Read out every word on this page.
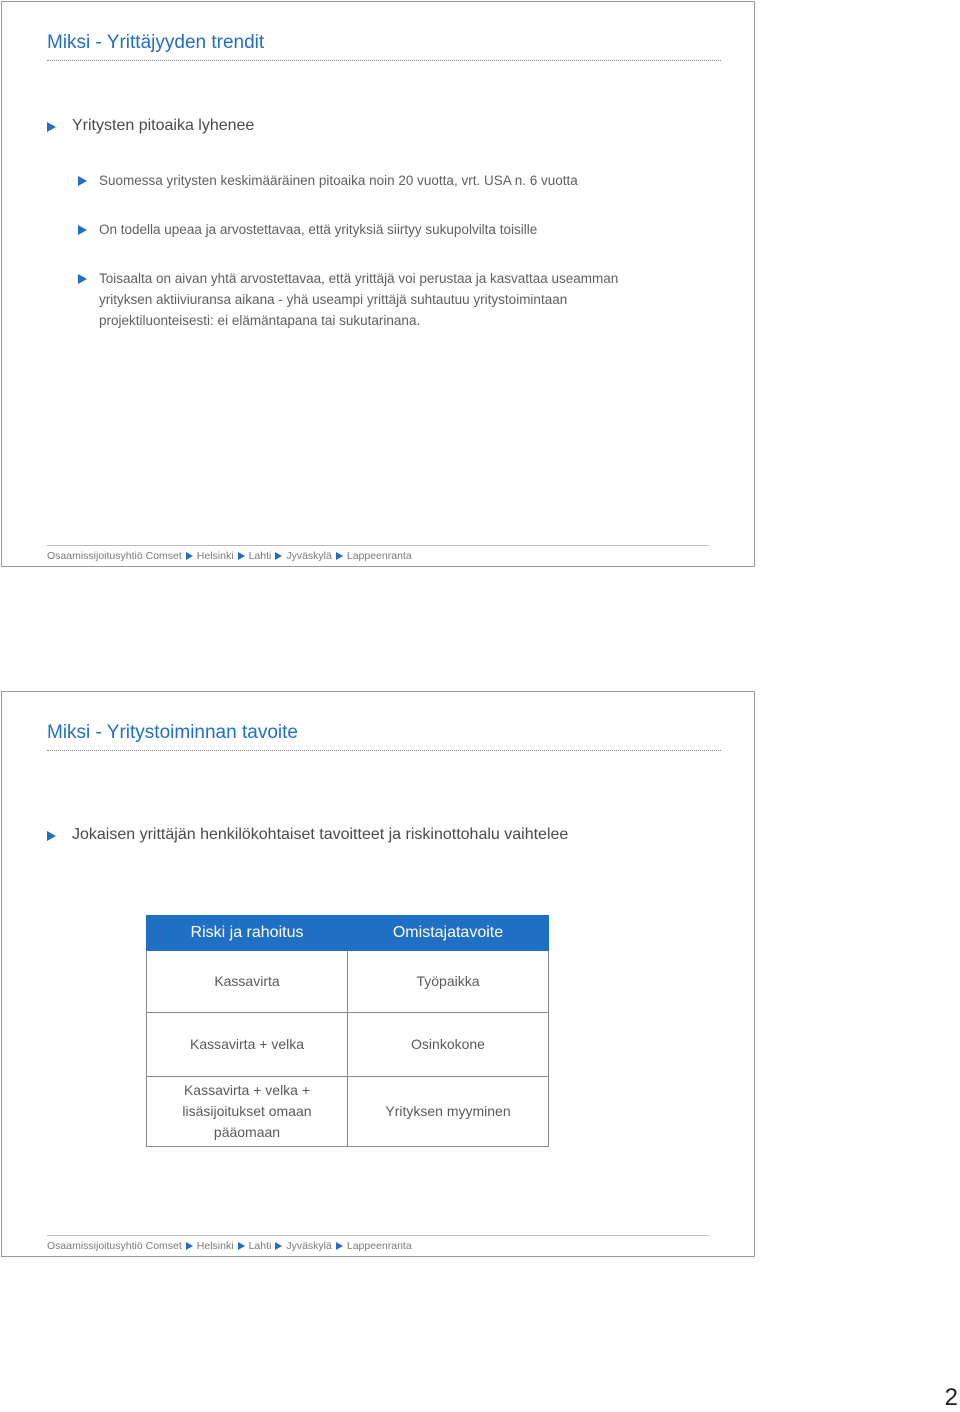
Miksi - Yrittäjyyden trendit
Yritysten pitoaika lyhenee
Suomessa yritysten keskimääräinen pitoaika noin 20 vuotta, vrt. USA n. 6 vuotta
On todella upeaa ja arvostettavaa, että yrityksiä siirtyy sukupolvilta toisille
Toisaalta on aivan yhtä arvostettavaa, että yrittäjä voi perustaa ja kasvattaa useamman yrityksen aktiiviuransa aikana - yhä useampi yrittäjä suhtautuu yritystoimintaan projektiluonteisesti: ei elämäntapana tai sukutarinana.
Osaamissijoitusyhtiö Comset Helsinki Lahti Jyväskylä Lappeenranta
Miksi - Yritystoiminnan tavoite
Jokaisen yrittäjän henkilökohtaiset tavoitteet ja riskinottohalu vaihtelee
Riski ja rahoitus	Omistajatavoite
Kassavirta	Työpaikka
Kassavirta + velka	Osinkokone
Kassavirta + velka + lisäsijoitukset omaan pääomaan	Yrityksen myyminen
Osaamissijoitusyhtiö Comset Helsinki Lahti Jyväskylä Lappeenranta
2
